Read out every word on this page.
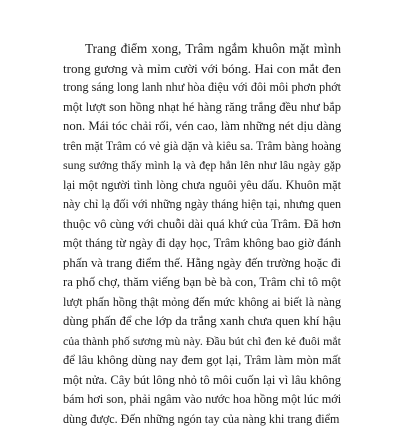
Trang điểm xong, Trâm ngắm khuôn mặt mình
trong gương và mỉm cười với bóng. Hai con mắt đen
trong sáng long lanh như hòa điệu với đôi môi phơn phớt
một lượt son hồng nhạt hé hàng răng trắng đều như bắp
non. Mái tóc chải rối, vén cao, làm những nét dịu dàng
trên mặt Trâm có vẻ già dặn và kiêu sa. Trâm bàng hoàng
sung sướng thấy mình lạ và đẹp hẳn lên như lâu ngày gặp
lại một người tình lòng chưa nguôi yêu dấu. Khuôn mặt
này chỉ lạ đối với những ngày tháng hiện tại, nhưng quen
thuộc vô cùng với chuỗi dài quá khứ của Trâm. Đã hơn
một tháng từ ngày đi dạy học, Trâm không bao giờ đánh
phấn và trang điểm thế. Hằng ngày đến trường hoặc đi
ra phố chợ, thăm viếng bạn bè bà con, Trâm chỉ tô một
lượt phấn hồng thật mỏng đến mức không ai biết là nàng
dùng phấn để che lớp da trắng xanh chưa quen khí hậu
của thành phố sương mù này. Đầu bút chì đen kẻ đuôi mắt
để lâu không dùng nay đem gọt lại, Trâm làm mòn mất
một nửa. Cây bút lông nhỏ tô môi cuốn lại vì lâu không
bám hơi son, phải ngâm vào nước hoa hồng một lúc mới
dùng được. Đến những ngón tay của nàng khi trang điểm
